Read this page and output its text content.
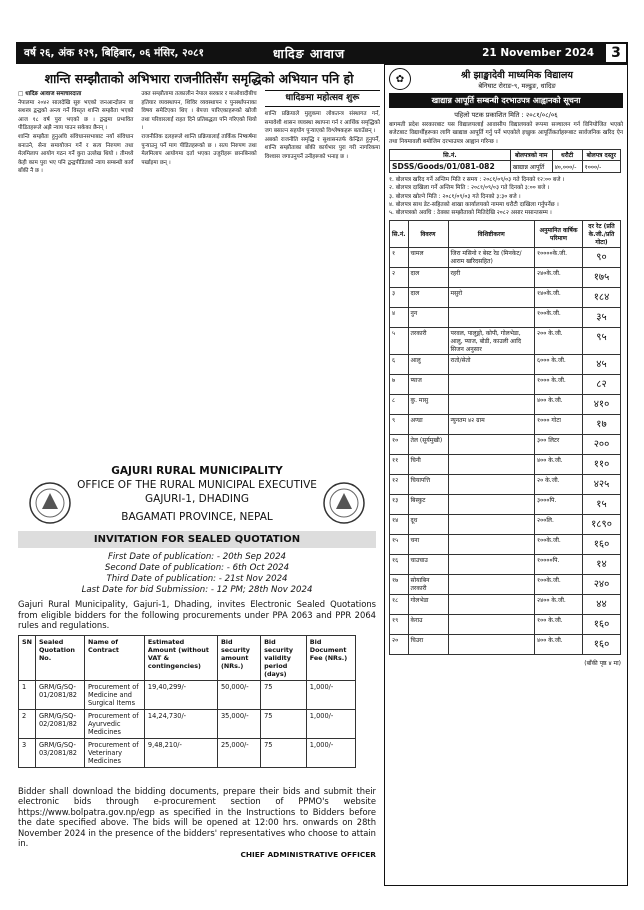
वर्ष २६, अंक १२९, बिहिबार, ०६ मंसिर, २०८१	धादिङ आवाज	21 November 2024	3
शान्ति सम्झौताको अभिभारा राजनीतिसँग समृद्धिको अभियान पनि हो

□ धादिङ आवाज समाचारदाता

नेपालमा २०४२ सालदेखि सुरु भएको जनआन्दोलन वा सशस्त्र द्वन्द्वको अन्त्य गर्ने विस्तृत शान्ति सम्झौता भएको आज १८ वर्ष पुरा भएको छ । द्वन्द्वमा प्रभावित पीडितहरूले अझै न्याय पाउन सकेका छैनन् ।

शान्ति सम्झौता हुनुअघि संविधानसभाबाट नयाँ संविधान बनाउने, सेना समायोजन गर्ने र सत्य निरुपण तथा मेलमिलाप आयोग गठन गर्ने कुरा उल्लेख थियो । तीमध्ये केही काम पुरा भए पनि द्वन्द्वपीडितको न्याय सम्बन्धी कार्य बाँकी नै छ ।

उक्त सम्झौतामा तत्कालीन नेपाल सरकार र माओवादीबीच हतियार व्यवस्थापन, शिविर व्यवस्थापन र पुनर्स्थापनाका विषय समेटिएका थिए । बेपत्ता पारिएकाहरूको खोजी तथा परिवारलाई राहत दिने प्रतिबद्धता पनि गरिएको थियो ।

राजनीतिक दलहरूले शान्ति प्रक्रियालाई तार्किक निष्कर्षमा पुर्‍याउनु पर्ने माग पीडितहरूको छ । सत्य निरुपण तथा मेलमिलाप आयोगमा दर्ता भएका उजुरीहरू छानबिनको पर्खाइमा छन् ।

धादिङमा महोत्सव शुरू

शान्ति प्रक्रियाले मुलुकमा लोकतन्त्र संस्थागत गर्न, समावेशी शासन व्यवस्था स्थापना गर्न र आर्थिक समृद्धिको जग बसाल्न सहयोग पुर्‍याएको विश्लेषकहरू बताउँछन् ।

अबको राजनीति समृद्धि र सुशासनतर्फ केन्द्रित हुनुपर्ने, शान्ति सम्झौताका बाँकी कार्यभार पुरा गरी नागरिकमा विश्वास जगाउनुपर्ने उनीहरूको भनाइ छ ।

GAJURI RURAL MUNICIPALITY
OFFICE OF THE RURAL MUNICIPAL EXECUTIVE
GAJURI-1, DHADING
BAGAMATI PROVINCE, NEPAL
INVITATION FOR SEALED QUOTATION
First Date of publication: - 20th Sep 2024
Second Date of publication: - 6th Oct 2024
Third Date of publication: - 21st Nov 2024
Last Date for bid Submission: - 12 PM; 28th Nov 2024

Gajuri Rural Municipality, Gajuri-1, Dhading, invites Electronic Sealed Quotations from eligible bidders for the following procurements under PPA 2063 and PPR 2064 rules and regulations.

SN	Sealed Quotation No.	Name of Contract	Estimated Amount (without VAT & contingencies)	Bid security amount (NRs.)	Bid security validity period (days)	Bid Document Fee (NRs.)
1	GRM/G/SQ-01/2081/82	Procurement of Medicine and Surgical Items	19,40,299/-	50,000/-	75	1,000/-
2	GRM/G/SQ-02/2081/82	Procurement of Ayurvedic Medicines	14,24,730/-	35,000/-	75	1,000/-
3	GRM/G/SQ-03/2081/82	Procurement of Veterinary Medicines	9,48,210/-	25,000/-	75	1,000/-

Bidder shall download the bidding documents, prepare their bids and submit their electronic bids through e-procurement section of PPMO's website https://www.bolpatra.gov.np/egp as specified in the Instructions to Bidders before the date specified above. The bids will be opened at 12:00 hrs. onwards on 28th November 2024 in the presence of the bidders' representatives who choose to attain in.

CHIEF ADMINISTRATIVE OFFICER
✿	श्री झाङ्खादेवी माध्यमिक विद्यालय
बेनिघाट रोराङ-९, मल्ढुङ, धादिङ
खाद्यान्न आपूर्ति सम्बन्धी दरभाउपत्र आह्वानको सूचना
पहिलो पटक प्रकाशित मिति : २०८१/०८/०६

बागमती प्रदेश सरकारबाट यस विद्यालयलाई आवासीय विद्यालयको रूपमा सञ्चालन गर्न विनियोजित भएको बजेटबाट विद्यार्थीहरूका लागि खाद्यान्न आपूर्ति गर्नु पर्ने भएकोले इच्छुक आपूर्तिकर्ताहरूबाट सार्वजनिक खरिद ऐन तथा नियमावली बमोजिम दरभाउपत्र आह्वान गरिन्छ ।

सि.नं.	बोलपत्रको नाम	धरौटी	बोलपत्र दस्तुर
SDSS/Goods/01/081-082	खाद्यान्न आपूर्ति	४०,०००/-	१०००/-
१. बोलपत्र खरिद गर्ने अन्तिम मिति र समय : २०८१/०९/०३ गते दिनको १२:०० बजे ।
२. बोलपत्र दाखिला गर्ने अन्तिम मिति : २०८१/०९/०३ गते दिनको ३:०० बजे ।
३. बोलपत्र खोल्ने मिति : २०८१/०९/०३ गते दिनको ३:३० बजे ।
४. बोलपत्र साथ डेट-सहितको शाखा कार्यालयको नाममा धरौटी दाखिला गर्नुपर्नेछ ।
५. बोलपत्रको अवधि : ठेक्का सम्झौताको मितिदेखि २०८२ असार मसान्तसम्म ।
सि.नं.	विवरण	विशिष्टीकरण	अनुमानित वार्षिक परिमाण	दर रेट (प्रति के.जी./प्रति गोटा)
१	चामल	जिरा मसिनो र बेस्ट रेड (मिनकेट/आराम खरिदसहित)	१००००के.जी.	९०
२	दाल	रहरी	२४०के.जी.	१७५
३	दाल	मसुरो	१४०के.जी.	१८४
४	नुन		१००के.जी.	३५
५	तरकारी	परवल, पालुङ्गो, कोपी, गोलभेडा, आलु, प्याज, बोडी, काउली आदि सिजन अनुसार	२०० के.जी.	९५
६	आलु	रातो/सेतो	६००० के.जी.	४५
७	प्याज		१००० के.जी.	८२
८	कु. मासु		४०० के.जी.	४१०
९	अण्डा	न्युनतम ४२ ग्राम	१००० गोटा	१७
१०	तेल (सूर्यमुखी)		३०० लिटर	२००
११	चिनी		४०० के.जी.	११०
१२	चियापत्ति		२० के.जी.	४२५
१३	बिस्कुट		३०००पि.	१५
१४	दूध		२००लि.	१८९०
१५	चना		१००के.जी.	१६०
१६	चाउचाउ		१००००पि.	१४
१७	सोयाबिन तरकारी		१००के.जी.	२४०
१८	गोलभेडा		२४०० के.जी.	४४
१९	केराउ		१०० के.जी.	१६०
२०	चिउरा		४०० के.जी.	१६०
(बाँकी पृष्ठ ४ मा)
